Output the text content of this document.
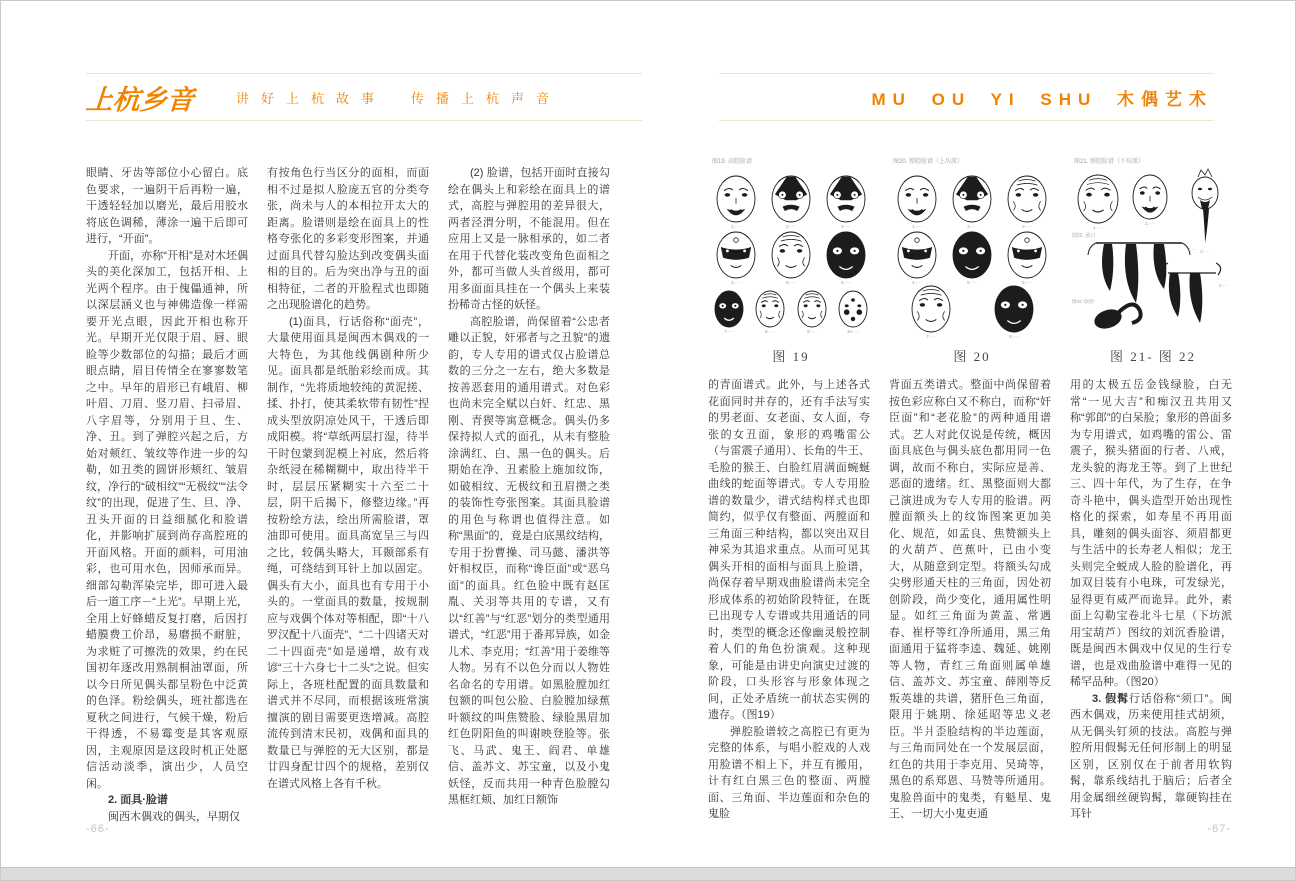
上杭乡音	讲好上杭故事　传播上杭声音	MU OU YI SHU 木偶艺术

眼睛、牙齿等部位小心留白。底色要求，一遍阴干后再粉一遍，干透轻轻加以磨光，最后用胶水将底色调稀，薄涂一遍干后即可进行，“开面”。

开面，亦称“开相”是对木坯偶头的美化深加工，包括开相、上光两个程序。由于傀儡通神，所以深层涵义也与神佛造像一样需要开光点眼，因此开相也称开光。早期开光仅限于眉、唇、眼睑等少数部位的勾描；最后才画眼点睛，眉目传情全在寥寥数笔之中。早年的眉形已有峨眉、柳叶眉、刀眉、竖刀眉、扫帚眉、八字眉等，分别用于旦、生、净、丑。到了弹腔兴起之后，方始对颊红、皱纹等作进一步的勾勒，如丑类的圆饼形颊红、皱眉纹，净行的“破相纹”“无极纹”“法令纹”的出现，促进了生、旦、净、丑头开面的日益细腻化和脸谱化，并影响扩展到尚存高腔班的开面风格。开面的颜料，可用油彩，也可用水色，因师承而异。细部勾勒浑染完毕，即可进入最后一道工序－“上光”。早期上光，全用上好蜂蜡反复打磨，后因打蜡膜费工价昂，易磨损不耐脏，为求赃了可擦洗的效果，约在民国初年逐改用熟制桐油罩面，所以今日所见偶头都呈粉色中泛黄的色泽。粉绘偶头，班社都选在夏秋之间进行，气候干燥，粉后干得透，不易霉变是其客观原因，主观原因是这段时机正处愿信活动淡季，演出少，人员空闲。

2. 面具·脸谱

闽西木偶戏的偶头，早期仅

有按角色行当区分的面相，而面相不过是拟人脸庞五官的分类夸张，尚未与人的本相拉开太大的距离。脸谱则是绘在面具上的性格夸张化的多彩变形图案，并通过面具代替勾脸达到改变偶头面相的目的。后为突出净与丑的面相特征，二者的开脸程式也即随之出现脸谱化的趋势。

(1)面具，行话俗称“面壳”，大量使用面具是闽西木偶戏的一大特色，为其他线偶剧种所少见。面具都是纸胎彩绘而成。其制作，“先将质地较纯的黄泥搓、揉、扑打，使其柔软带有韧性”捏成头型放阴凉处风干，干透后即成阳模。将“草纸两层打湿，待半干时包蒙到泥模上衬底，然后将杂纸浸在稀糊糊中，取出待半干时，层层压紧糊实十六至二十层，阴干后揭下，修整边缘。”再按粉绘方法，绘出所需脸谱，罩油即可使用。面具高宽呈三与四之比，较偶头略大，耳颞部系有绳，可绕结到耳针上加以固定。偶头有大小，面具也有专用于小头的。一堂面具的数量，按规制应与戏偶个体对等相配，即“十八罗汉配十八面壳”、“二十四诸天对二十四面壳”如是递增，故有戏谚“三十六身七十二头”之说。但实际上，各班杜配置的面具数量和谱式并不尽同，而根据该班常演擅演的剧目需要更迭增减。高腔流传到清末民初，戏偶和面具的数量已与弹腔的无大区别，都是廿四身配廿四个的规格，差别仅在谱式风格上各有千秋。

(2) 脸谱，包括开面时直接勾绘在偶头上和彩绘在面具上的谱式，高腔与弹腔用的差异很大，两者泾渭分明，不能混用。但在应用上又是一脉相承的，如二者在用于代替化装改变角色面相之外，都可当做人头首级用，都可用多面面具挂在一个偶头上来装扮稀奇古怪的妖怪。

高腔脸谱，尚保留着“公忠者雕以正貌，奸邪者与之丑貌”的遗韵，专人专用的谱式仅占脸谱总数的三分之一左右，绝大多数是按善恶套用的通用谱式。对色彩也尚未完全赋以白奸、红忠、黑刚、青猰等寓意概念。偶头仍多保持拟人式的面孔，从未有整脸涂满红、白、黑一色的偶头。后期始在净、丑素脸上施加纹饰，如破相纹、无极纹和丑眉攒之类的装饰性夸张图案。其面具脸谱的用色与称谓也值得注意。如称“黑面”的，竟是白底黑纹结构，专用于扮曹操、司马懿、潘洪等奸相权臣，而称“谗臣面”或“恶乌面”的面具。红色脸中既有赵匡胤、关羽等共用的专谱，又有以“红善”与“红恶”划分的类型通用谱式，“红恶”用于番邦异族，如金儿术、李克用；“红善”用于姜维等人物。另有不以色分而以人物姓名命名的专用谱。如黑脸膛加红包额的叫包公脸、白脸膛加绿蕉叶额纹的叫焦赞脸、绿脸黑眉加红色阴阳鱼的叫谢映登脸等。张飞、马武、鬼王、阎君、单雄信、盖苏文、苏宝童，以及小鬼妖怪，反而共用一种青色脸膛勾黑框红颊、加红日额饰

图19. 高腔脸谱
1.····	2.····	3.····
4.····	5.····	6.····
7.····	8.····	9.····	10.····
图 19
图20. 弹腔脸谱（上坊派）
1.····	2.····	3.····
4.····	5.····	6.····
7.····	8.····
图 20
图21. 弹腔脸谱（下坊派）
1.····
2.····
3.····
图22. 须口
1.···
2.···
图22.“软钩”
图 21- 图 22

的青面谱式。此外，与上述各式花面同时并存的，还有手法写实的男老面、女老面、女人面，夸张的女丑面，象形的鸡嘴雷公（与雷震子通用）、长角的牛王、毛脸的猴王、白脸红眉满面蜿蜒曲线的蛇面等谱式。专人专用脸谱的数量少，谱式结构样式也即简约，似乎仅有整面、两膛面和三角面三种结构，都以突出双目神采为其追求重点。从而可见其偶头开相的面相与面具上脸谱，尚保存着早期戏曲脸谱尚未完全形成体系的初始阶段特征，在既已出现专人专谱或共用通话的同时，类型的概念还像幽灵般控制着人们的角色扮演观。这种现象，可能是由讲史向演史过渡的阶段，口头形容与形象体现之间，正处矛盾统一前状态实例的遗存。（图19）

弹腔脸谱较之高腔已有更为完整的体系，与唱小腔戏的人戏用脸谱不相上下，并互有搬用，计有红白黑三色的整面、两膛面、三角面、半边莲面和杂色的鬼脸

背面五类谱式。整面中尚保留着按色彩应称白又不称白，而称“奸臣面”和“老花脸”的两种通用谱式。艺人对此仅说是传统，概因面具底色与偶头底色都用同一色调，故而不称白，实际应是善、恶面的遗绪。红、黑整面则大都己演进成为专人专用的脸谱。两膛面额头上的纹饰图案更加美化、规范，如孟良、焦赞额头上的火葫芦、芭蕉叶，已由小变大，从随意到定型。将额头勾成尖劈形通天柱的三角面，因处初创阶段，尚少变化，通用属性明显。如红三角面为黄盖、常遇春、崔杼等红净所通用，黑三角面通用于猛将李逵、魏延、姚刚等人物，青红三角面则属单雄信、盖苏文、苏宝童、薛刚等反叛英雄的共谱，猪肝色三角面，限用于姚期、徐延昭等忠义老臣。半爿歪脸结构的半边莲面，与三角而同处在一个发展层面，红色的共用于李克用、吴琦等，黑色的系郑恩、马赞等所通用。鬼脸兽面中的鬼类，有魁星、鬼王、一切大小鬼吏通

用的太极五岳金钱绿脸，白无常“一见大吉”和痴汉丑共用又称“郭郎”的白呆脸；象形的兽面多为专用谱式，如鸡嘴的雷公、雷震子，猴头猪面的行者、八戒，龙头貌的海龙王等。到了上世纪三、四十年代，为了生存，在争奇斗艳中，偶头造型开始出现性格化的探索，如寿星不再用面具，雕刻的偶头面容、须眉都更与生活中的长寿老人相似；龙王头则完全蜕成人脸的脸谱化，再加双目装有小电珠，可发绿光，显得更有威严而诡异。此外，素面上勾勒宝卷北斗七星（下坊派用宝葫芦）图纹的刘沉香脸谱，既是闽西木偶戏中仅见的生行专谱，也是戏曲脸谱中难得一见的稀罕品种。（图20）

3. 假髯行话俗称“须口”。闽西木偶戏，历来使用挂式胡须，从无偶头钉须的技法。高腔与弹腔所用假髯无任何形制上的明显区别，区别仅在于前者用软钩髯，靠系线结扎于脑后；后者全用金属细丝硬钩髯，靠硬钩挂在耳针

-66-	-67-
